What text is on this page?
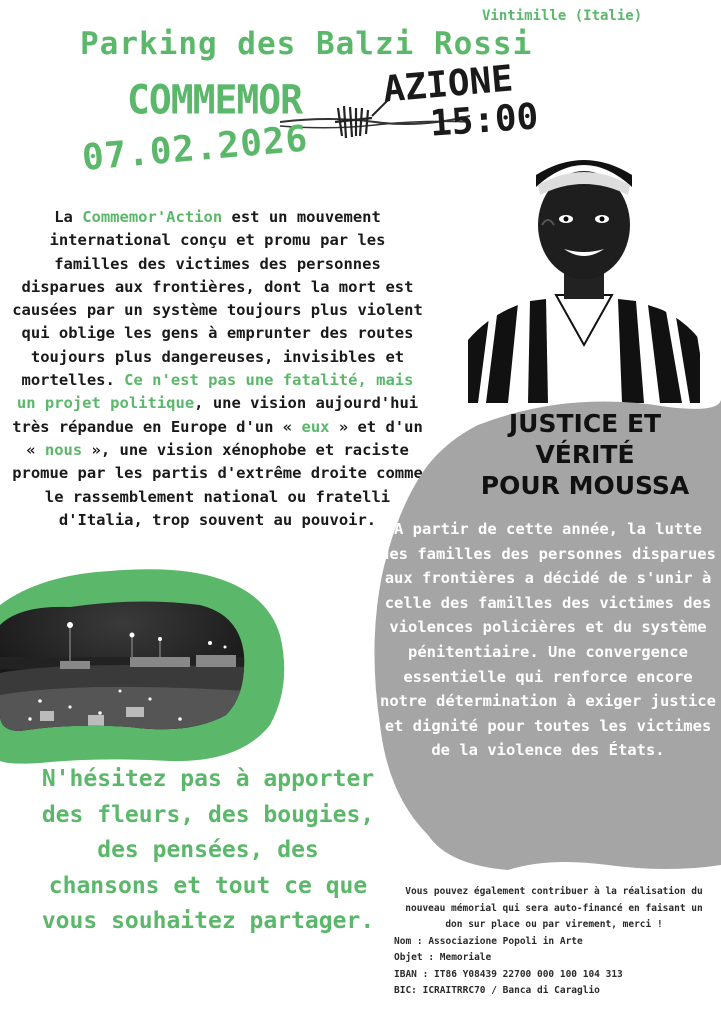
Vintimille (Italie)
Parking des Balzi Rossi
COMMEMOR AZIONE
15:00
07.02.2026
La Commemor'Action est un mouvement international conçu et promu par les familles des victimes des personnes disparues aux frontières, dont la mort est causées par un système toujours plus violent qui oblige les gens à emprunter des routes toujours plus dangereuses, invisibles et mortelles. Ce n'est pas une fatalité, mais un projet politique, une vision aujourd'hui très répandue en Europe d'un « eux » et d'un « nous », une vision xénophobe et raciste promue par les partis d'extrême droite comme le rassemblement national ou fratelli d'Italia, trop souvent au pouvoir.
JUSTICE ET
VÉRITÉ
POUR MOUSSA
A partir de cette année, la lutte des familles des personnes disparues aux frontières a décidé de s'unir à celle des familles des victimes des violences policières et du système pénitentiaire. Une convergence essentielle qui renforce encore notre détermination à exiger justice et dignité pour toutes les victimes de la violence des États.
N'hésitez pas à apporter des fleurs, des bougies, des pensées, des chansons et tout ce que vous souhaitez partager.
Vous pouvez également contribuer à la réalisation du nouveau mémorial qui sera auto-financé en faisant un don sur place ou par virement, merci !
Nom : Associazione Popoli in Arte
Objet : Memoriale
IBAN : IT86 Y08439 22700 000 100 104 313
BIC: ICRAITRRC70 / Banca di Caraglio
